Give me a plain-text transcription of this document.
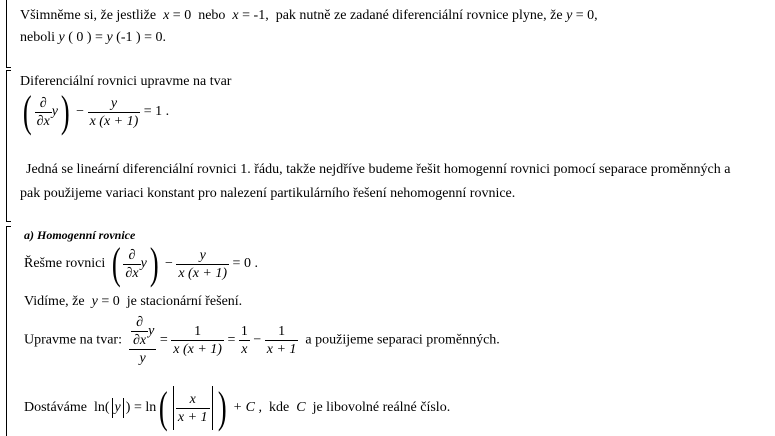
Všimněme si, že jestliže x = 0 nebo x = -1, pak nutně ze zadané diferenciální rovnice plyne, že y = 0,
neboli y ( 0 ) = y (-1 ) = 0.
Diferenciální rovnici upravme na tvar
( $\frac{\partial}{\partial x} y) - \frac{y}{x (x + 1)} = 1$ .
Jedná se lineární diferenciální rovnici 1. řádu, takže nejdříve budeme řešit homogenní rovnici pomocí separace proměnných a
pak použijeme variaci konstant pro nalezení partikulárního řešení nehomogenní rovnice.
a) Homogenní rovnice
Řešme rovnici ( $\frac{\partial}{\partial x} y) - \frac{y}{x (x + 1)} = 0$ .
Vidíme, že y = 0 je stacionární řešení.
Upravme na tvar: $\frac{\frac{\partial}{\partial x} y}{y} = \frac{1}{x (x + 1)} = \frac{1}{x} - \frac{1}{x + 1}$ a použijeme separaci proměnných.
Dostáváme ln( y ) = $\ln( \frac{x}{x + 1}$ ) + C , kde C je libovolné reálné číslo.
